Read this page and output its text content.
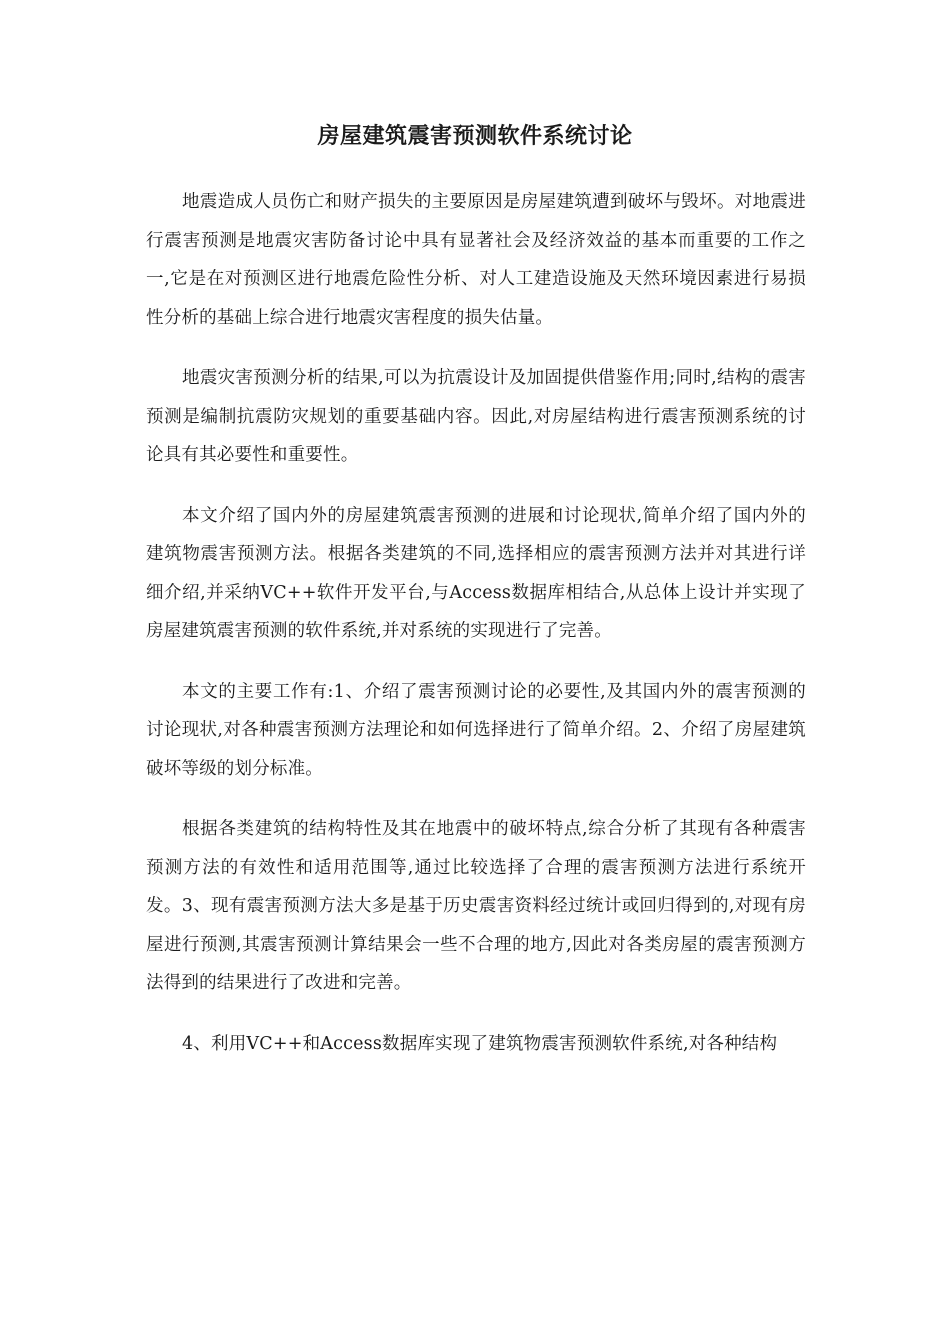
房屋建筑震害预测软件系统讨论

地震造成人员伤亡和财产损失的主要原因是房屋建筑遭到破坏与毁坏。对地震进行震害预测是地震灾害防备讨论中具有显著社会及经济效益的基本而重要的工作之一,它是在对预测区进行地震危险性分析、对人工建造设施及天然环境因素进行易损性分析的基础上综合进行地震灾害程度的损失估量。

地震灾害预测分析的结果,可以为抗震设计及加固提供借鉴作用;同时,结构的震害预测是编制抗震防灾规划的重要基础内容。因此,对房屋结构进行震害预测系统的讨论具有其必要性和重要性。

本文介绍了国内外的房屋建筑震害预测的进展和讨论现状,简单介绍了国内外的建筑物震害预测方法。根据各类建筑的不同,选择相应的震害预测方法并对其进行详细介绍,并采纳VC++软件开发平台,与Access数据库相结合,从总体上设计并实现了房屋建筑震害预测的软件系统,并对系统的实现进行了完善。

本文的主要工作有:1、介绍了震害预测讨论的必要性,及其国内外的震害预测的讨论现状,对各种震害预测方法理论和如何选择进行了简单介绍。2、介绍了房屋建筑破坏等级的划分标准。

根据各类建筑的结构特性及其在地震中的破坏特点,综合分析了其现有各种震害预测方法的有效性和适用范围等,通过比较选择了合理的震害预测方法进行系统开发。3、现有震害预测方法大多是基于历史震害资料经过统计或回归得到的,对现有房屋进行预测,其震害预测计算结果会一些不合理的地方,因此对各类房屋的震害预测方法得到的结果进行了改进和完善。

4、利用VC++和Access数据库实现了建筑物震害预测软件系统,对各种结构
